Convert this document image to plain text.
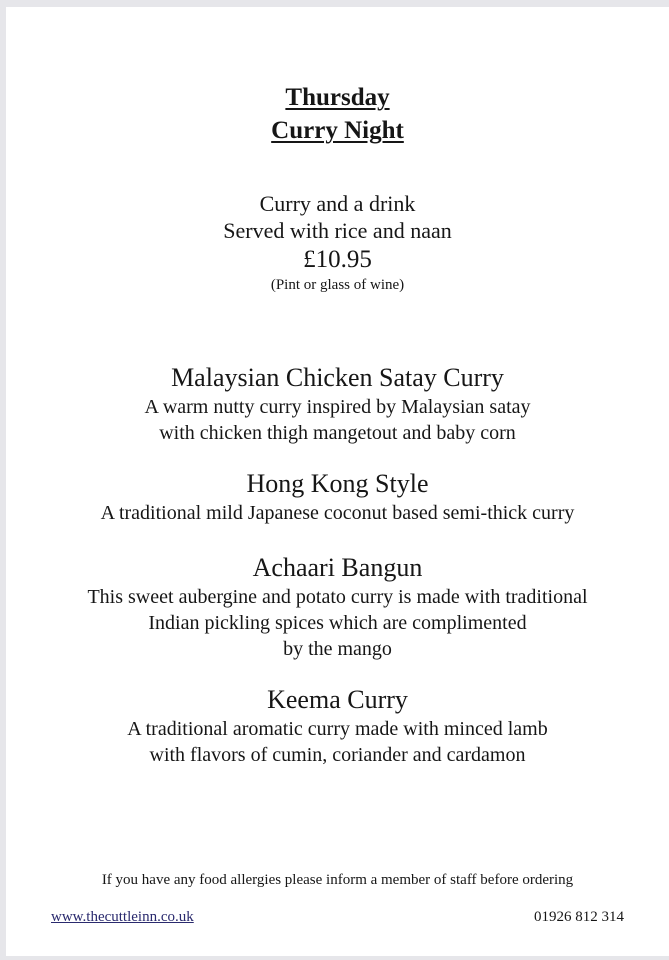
Thursday
Curry Night
Curry and a drink
Served with rice and naan
£10.95
(Pint or glass of wine)
Malaysian Chicken Satay Curry
A warm nutty curry inspired by Malaysian satay
with chicken thigh mangetout and baby corn
Hong Kong Style
A traditional mild Japanese coconut based semi-thick curry
Achaari Bangun
This sweet aubergine and potato curry is made with traditional
Indian pickling spices which are complimented
by the mango
Keema Curry
A traditional aromatic curry made with minced lamb
with flavors of cumin, coriander and cardamon
If you have any food allergies please inform a member of staff before ordering
www.thecuttleinn.co.uk	01926 812 314
